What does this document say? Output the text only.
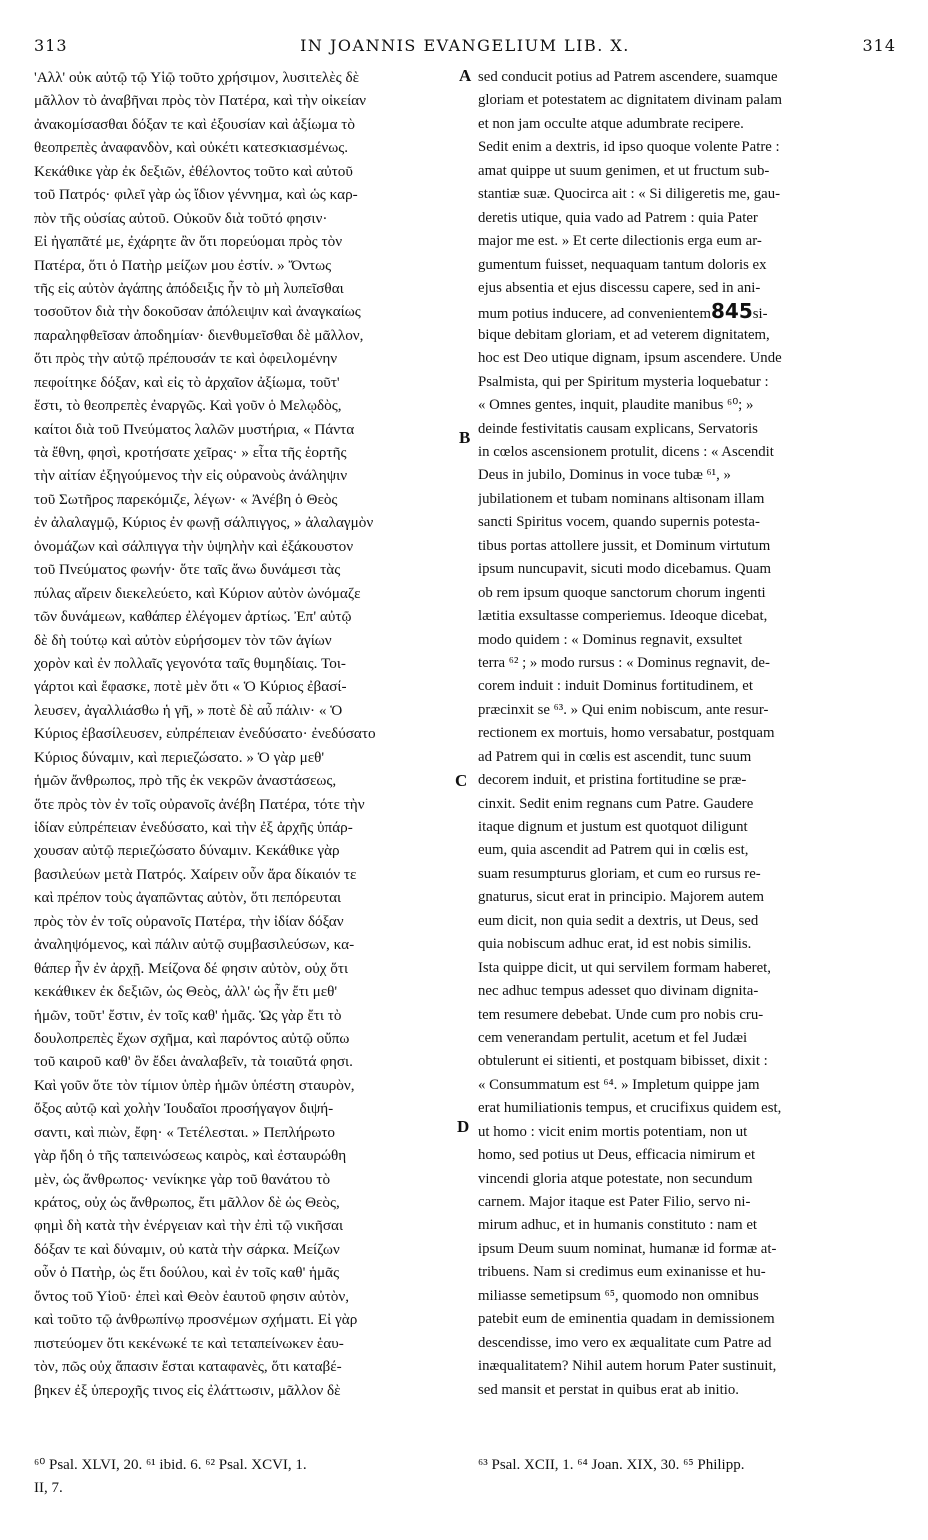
313	IN JOANNIS EVANGELIUM LIB. X.	314
'Αλλ' οὐκ αὐτῷ τῷ Υἱῷ τοῦτο χρήσιμον, λυσιτελὲς δὲ
μᾶλλον τὸ ἀναβῆναι πρὸς τὸν Πατέρα, καὶ τὴν οἰκείαν
ἀνακομίσασθαι δόξαν τε καὶ ἐξουσίαν καὶ ἀξίωμα τὸ
θεοπρεπὲς ἀναφανδὸν, καὶ οὐκέτι κατεσκιασμένως.
Κεκάθικε γὰρ ἐκ δεξιῶν, ἐθέλοντος τοῦτο καὶ αὐτοῦ
τοῦ Πατρός· φιλεῖ γὰρ ὡς ἴδιον γέννημα, καὶ ὡς καρ-
πὸν τῆς οὐσίας αὐτοῦ. Οὐκοῦν διὰ τοῦτό φησιν·
Εἰ ἠγαπᾶτέ με, ἐχάρητε ἂν ὅτι πορεύομαι πρὸς τὸν
Πατέρα, ὅτι ὁ Πατὴρ μείζων μου ἐστίν. » Ὄντως
τῆς εἰς αὐτὸν ἀγάπης ἀπόδειξις ἦν τὸ μὴ λυπεῖσθαι
τοσοῦτον διὰ τὴν δοκοῦσαν ἀπόλειψιν καὶ ἀναγκαίως
παραληφθεῖσαν ἀποδημίαν· διενθυμεῖσθαι δὲ μᾶλλον,
ὅτι πρὸς τὴν αὐτῷ πρέπουσάν τε καὶ ὀφειλομένην
πεφοίτηκε δόξαν, καὶ εἰς τὸ ἀρχαῖον ἀξίωμα, τοῦτ'
ἔστι, τὸ θεοπρεπὲς ἐναργῶς. Καὶ γοῦν ὁ Μελῳδὸς,
καίτοι διὰ τοῦ Πνεύματος λαλῶν μυστήρια, « Πάντα
τὰ ἔθνη, φησὶ, κροτήσατε χεῖρας· » εἶτα τῆς ἑορτῆς
τὴν αἰτίαν ἐξηγούμενος τὴν εἰς οὐρανοὺς ἀνάληψιν
τοῦ Σωτῆρος παρεκόμιζε, λέγων· « Ἀνέβη ὁ Θεὸς
ἐν ἀλαλαγμῷ, Κύριος ἐν φωνῇ σάλπιγγος, » ἀλαλαγμὸν
ὀνομάζων καὶ σάλπιγγα τὴν ὑψηλὴν καὶ ἐξάκουστον
τοῦ Πνεύματος φωνήν· ὅτε ταῖς ἄνω δυνάμεσι τὰς
πύλας αἴρειν διεκελεύετο, καὶ Κύριον αὐτὸν ὠνόμαζε
τῶν δυνάμεων, καθάπερ ἐλέγομεν ἀρτίως. Ἐπ' αὐτῷ
δὲ δὴ τούτῳ καὶ αὐτὸν εὑρήσομεν τὸν τῶν ἁγίων
χορὸν καὶ ἐν πολλαῖς γεγονότα ταῖς θυμηδίαις. Τοι-
γάρτοι καὶ ἔφασκε, ποτὲ μὲν ὅτι « Ὁ Κύριος ἐβασί-
λευσεν, ἀγαλλιάσθω ἡ γῆ, » ποτὲ δὲ αὖ πάλιν· « Ὁ
Κύριος ἐβασίλευσεν, εὐπρέπειαν ἐνεδύσατο· ἐνεδύσατο
Κύριος δύναμιν, καὶ περιεζώσατο. » Ὁ γὰρ μεθ'
ἡμῶν ἄνθρωπος, πρὸ τῆς ἐκ νεκρῶν ἀναστάσεως,
ὅτε πρὸς τὸν ἐν τοῖς οὐρανοῖς ἀνέβη Πατέρα, τότε τὴν
ἰδίαν εὐπρέπειαν ἐνεδύσατο, καὶ τὴν ἐξ ἀρχῆς ὑπάρ-
χουσαν αὐτῷ περιεζώσατο δύναμιν. Κεκάθικε γὰρ
βασιλεύων μετὰ Πατρός. Χαίρειν οὖν ἄρα δίκαιόν τε
καὶ πρέπον τοὺς ἀγαπῶντας αὐτὸν, ὅτι πεπόρευται
πρὸς τὸν ἐν τοῖς οὐρανοῖς Πατέρα, τὴν ἰδίαν δόξαν
ἀναληψόμενος, καὶ πάλιν αὐτῷ συμβασιλεύσων, κα-
θάπερ ἦν ἐν ἀρχῇ. Μείζονα δέ φησιν αὐτὸν, οὐχ ὅτι
κεκάθικεν ἐκ δεξιῶν, ὡς Θεὸς, ἀλλ' ὡς ἦν ἔτι μεθ'
ἡμῶν, τοῦτ' ἔστιν, ἐν τοῖς καθ' ἡμᾶς. Ὡς γὰρ ἔτι τὸ
δουλοπρεπὲς ἔχων σχῆμα, καὶ παρόντος αὐτῷ οὔπω
τοῦ καιροῦ καθ' ὃν ἔδει ἀναλαβεῖν, τὰ τοιαῦτά φησι.
Καὶ γοῦν ὅτε τὸν τίμιον ὑπὲρ ἡμῶν ὑπέστη σταυρὸν,
ὄξος αὐτῷ καὶ χολὴν Ἰουδαῖοι προσήγαγον διψή-
σαντι, καὶ πιὼν, ἔφη· « Τετέλεσται. » Πεπλήρωτο
γὰρ ἤδη ὁ τῆς ταπεινώσεως καιρὸς, καὶ ἐσταυρώθη
μὲν, ὡς ἄνθρωπος· νενίκηκε γὰρ τοῦ θανάτου τὸ
κράτος, οὐχ ὡς ἄνθρωπος, ἔτι μᾶλλον δὲ ὡς Θεὸς,
φημὶ δὴ κατὰ τὴν ἐνέργειαν καὶ τὴν ἐπὶ τῷ νικῆσαι
δόξαν τε καὶ δύναμιν, οὐ κατὰ τὴν σάρκα. Μείζων
οὖν ὁ Πατὴρ, ὡς ἔτι δούλου, καὶ ἐν τοῖς καθ' ἡμᾶς
ὄντος τοῦ Υἱοῦ· ἐπεὶ καὶ Θεὸν ἑαυτοῦ φησιν αὐτὸν,
καὶ τοῦτο τῷ ἀνθρωπίνῳ προσνέμων σχήματι. Εἰ γὰρ
πιστεύομεν ὅτι κεκένωκέ τε καὶ τεταπείνωκεν ἑαυ-
τὸν, πῶς οὐχ ἅπασιν ἔσται καταφανὲς, ὅτι καταβέ-
βηκεν ἐξ ὑπεροχῆς τινος εἰς ἐλάττωσιν, μᾶλλον δὲ
sed conducit potius ad Patrem ascendere, suamque
gloriam et potestatem ac dignitatem divinam palam
et non jam occulte atque adumbrate recipere.
Sedit enim a dextris, id ipso quoque volente Patre :
amat quippe ut suum genimen, et ut fructum sub-
stantiæ suæ. Quocirca ait : « Si diligeretis me, gau-
deretis utique, quia vado ad Patrem : quia Pater
major me est. » Et certe dilectionis erga eum ar-
gumentum fuisset, nequaquam tantum doloris ex
ejus absentia et ejus discessu capere, sed in ani-
mum potius inducere, ad convenientem845si-
bique debitam gloriam, et ad veterem dignitatem,
hoc est Deo utique dignam, ipsum ascendere. Unde
Psalmista, qui per Spiritum mysteria loquebatur :
« Omnes gentes, inquit, plaudite manibus ⁶⁰; »
deinde festivitatis causam explicans, Servatoris
in cœlos ascensionem protulit, dicens : « Ascendit
Deus in jubilo, Dominus in voce tubæ ⁶¹, »
jubilationem et tubam nominans altisonam illam
sancti Spiritus vocem, quando supernis potesta-
tibus portas attollere jussit, et Dominum virtutum
ipsum nuncupavit, sicuti modo dicebamus. Quam
ob rem ipsum quoque sanctorum chorum ingenti
lætitia exsultasse comperiemus. Ideoque dicebat,
modo quidem : « Dominus regnavit, exsultet
terra ⁶² ; » modo rursus : « Dominus regnavit, de-
corem induit : induit Dominus fortitudinem, et
præcinxit se ⁶³. » Qui enim nobiscum, ante resur-
rectionem ex mortuis, homo versabatur, postquam
ad Patrem qui in cœlis est ascendit, tunc suum
decorem induit, et pristina fortitudine se præ-
cinxit. Sedit enim regnans cum Patre. Gaudere
itaque dignum et justum est quotquot diligunt
eum, quia ascendit ad Patrem qui in cœlis est,
suam resumpturus gloriam, et cum eo rursus re-
gnaturus, sicut erat in principio. Majorem autem
eum dicit, non quia sedit a dextris, ut Deus, sed
quia nobiscum adhuc erat, id est nobis similis.
Ista quippe dicit, ut qui servilem formam haberet,
nec adhuc tempus adesset quo divinam dignita-
tem resumere debebat. Unde cum pro nobis cru-
cem venerandam pertulit, acetum et fel Judæi
obtulerunt ei sitienti, et postquam bibisset, dixit :
« Consummatum est ⁶⁴. » Impletum quippe jam
erat humiliationis tempus, et crucifixus quidem est,
ut homo : vicit enim mortis potentiam, non ut
homo, sed potius ut Deus, efficacia nimirum et
vincendi gloria atque potestate, non secundum
carnem. Major itaque est Pater Filio, servo ni-
mirum adhuc, et in humanis constituto : nam et
ipsum Deum suum nominat, humanæ id formæ at-
tribuens. Nam si credimus eum exinanisse et hu-
miliasse semetipsum ⁶⁵, quomodo non omnibus
patebit eum de eminentia quadam in demissionem
descendisse, imo vero ex æqualitate cum Patre ad
inæqualitatem? Nihil autem horum Pater sustinuit,
sed mansit et perstat in quibus erat ab initio.
A
B
C
D
⁶⁰ Psal. XLVI, 20. ⁶¹ ibid. 6. ⁶² Psal. XCVI, 1.
II, 7.
⁶³ Psal. XCII, 1. ⁶⁴ Joan. XIX, 30. ⁶⁵ Philipp.
